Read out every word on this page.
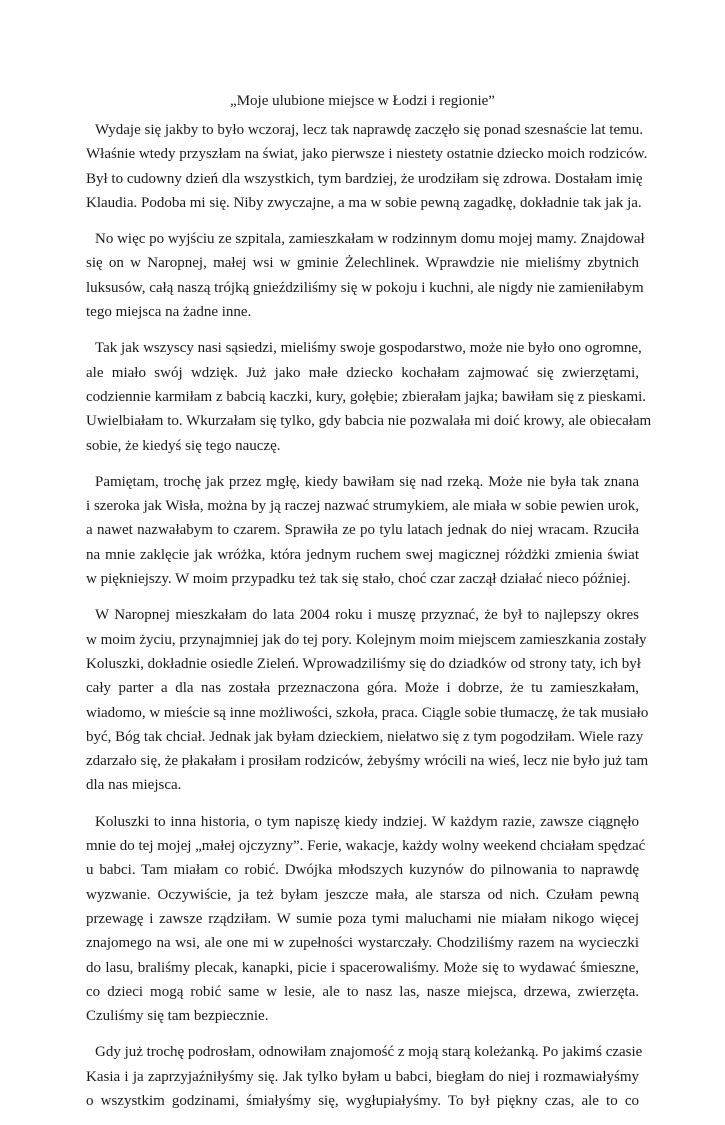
„Moje ulubione miejsce w Łodzi i regionie”

Wydaje się jakby to było wczoraj, lecz tak naprawdę zaczęło się ponad szesnaście lat temu.
Właśnie wtedy przyszłam na świat, jako pierwsze i niestety ostatnie dziecko moich rodziców.
Był to cudowny dzień dla wszystkich, tym bardziej, że urodziłam się zdrowa. Dostałam imię
Klaudia. Podoba mi się. Niby zwyczajne, a ma w sobie pewną zagadkę, dokładnie tak jak ja.
No więc po wyjściu ze szpitala, zamieszkałam w rodzinnym domu mojej mamy. Znajdował
się on w Naropnej, małej wsi w gminie Żelechlinek. Wprawdzie nie mieliśmy zbytnich
luksusów, całą naszą trójką gnieździliśmy się w pokoju i kuchni, ale nigdy nie zamieniłabym
tego miejsca na żadne inne.
Tak jak wszyscy nasi sąsiedzi, mieliśmy swoje gospodarstwo, może nie było ono ogromne,
ale miało swój wdzięk. Już jako małe dziecko kochałam zajmować się zwierzętami,
codziennie karmiłam z babcią kaczki, kury, gołębie; zbierałam jajka; bawiłam się z pieskami.
Uwielbiałam to. Wkurzałam się tylko, gdy babcia nie pozwalała mi doić krowy, ale obiecałam
sobie, że kiedyś się tego nauczę.
Pamiętam, trochę jak przez mgłę, kiedy bawiłam się nad rzeką. Może nie była tak znana
i szeroka jak Wisła, można by ją raczej nazwać strumykiem, ale miała w sobie pewien urok,
a nawet nazwałabym to czarem. Sprawiła ze po tylu latach jednak do niej wracam. Rzuciła
na mnie zaklęcie jak wróżka, która jednym ruchem swej magicznej różdżki zmienia świat
w piękniejszy. W moim przypadku też tak się stało, choć czar zaczął działać nieco później.
W Naropnej mieszkałam do lata 2004 roku i muszę przyznać, że był to najlepszy okres
w moim życiu, przynajmniej jak do tej pory. Kolejnym moim miejscem zamieszkania zostały
Koluszki, dokładnie osiedle Zieleń. Wprowadziliśmy się do dziadków od strony taty, ich był
cały parter a dla nas została przeznaczona góra. Może i dobrze, że tu zamieszkałam,
wiadomo, w mieście są inne możliwości, szkoła, praca. Ciągle sobie tłumaczę, że tak musiało
być, Bóg tak chciał. Jednak jak byłam dzieckiem, niełatwo się z tym pogodziłam. Wiele razy
zdarzało się, że płakałam i prosiłam rodziców, żebyśmy wrócili na wieś, lecz nie było już tam
dla nas miejsca.
Koluszki to inna historia, o tym napiszę kiedy indziej. W każdym razie, zawsze ciągnęło
mnie do tej mojej „małej ojczyzny”. Ferie, wakacje, każdy wolny weekend chciałam spędzać
u babci. Tam miałam co robić. Dwójka młodszych kuzynów do pilnowania to naprawdę
wyzwanie. Oczywiście, ja też byłam jeszcze mała, ale starsza od nich. Czułam pewną
przewagę i zawsze rządziłam. W sumie poza tymi maluchami nie miałam nikogo więcej
znajomego na wsi, ale one mi w zupełności wystarczały. Chodziliśmy razem na wycieczki
do lasu, braliśmy plecak, kanapki, picie i spacerowaliśmy. Może się to wydawać śmieszne,
co dzieci mogą robić same w lesie, ale to nasz las, nasze miejsca, drzewa, zwierzęta.
Czuliśmy się tam bezpiecznie.
Gdy już trochę podrosłam, odnowiłam znajomość z moją starą koleżanką. Po jakimś czasie
Kasia i ja zaprzyjaźniłyśmy się. Jak tylko byłam u babci, biegłam do niej i rozmawiałyśmy
o wszystkim godzinami, śmiałyśmy się, wygłupiałyśmy. To był piękny czas, ale to co
